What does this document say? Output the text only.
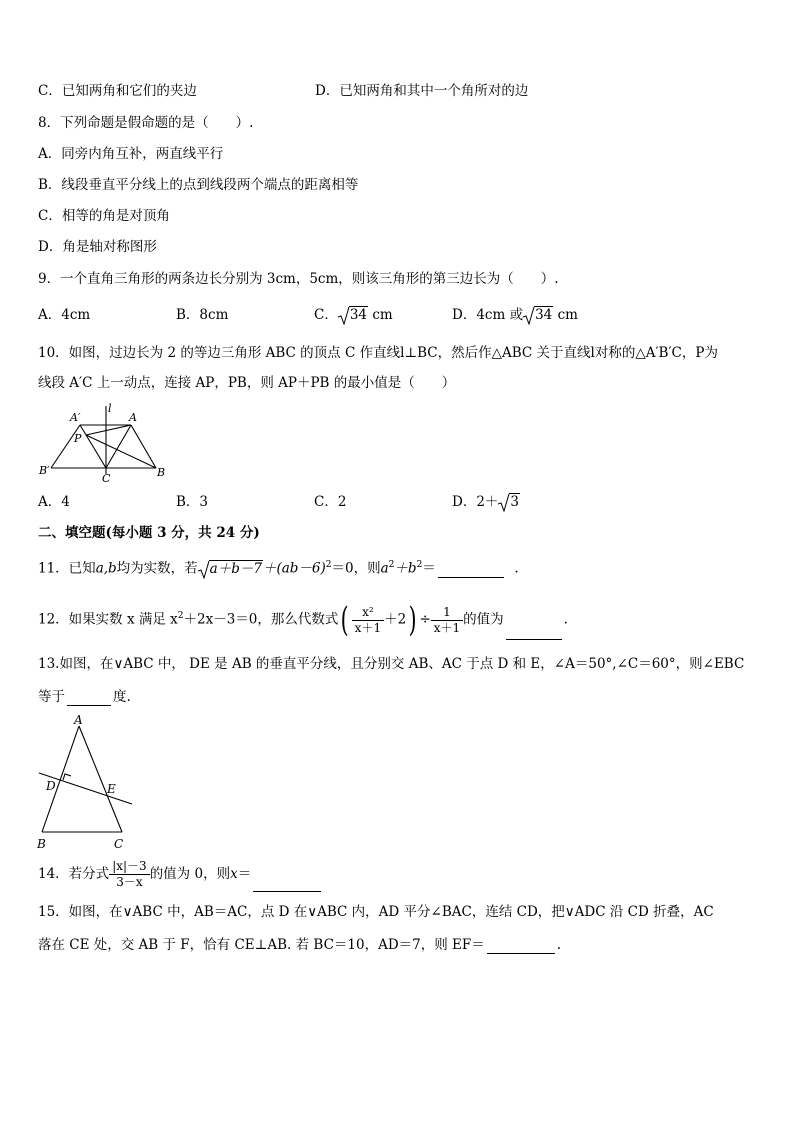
C．已知两角和它们的夹边	D．已知两角和其中一个角所对的边
8．下列命题是假命题的是（　　）.
A．同旁内角互补，两直线平行
B．线段垂直平分线上的点到线段两个端点的距离相等
C．相等的角是对顶角
D．角是轴对称图形
9．一个直角三角形的两条边长分别为 3cm，5cm，则该三角形的第三边长为（　　）.
A．4cm	B．8cm	C． 34 cm	D．4cm 或 34 cm
10．如图，过边长为 2 的等边三角形 ABC 的顶点 C 作直线l⊥BC，然后作△ABC 关于直线l对称的△A′B′C，P为
线段 A′C 上一动点，连接 AP，PB，则 AP＋PB 的最小值是（　　）
A′
l
A
P
B′
C	B
A．4	B．3	C．2	D．2＋ 3
二、填空题(每小题 3 分，共 24 分)
11．已知a,b均为实数，若 $a+b-7+(ab-6)^2=0$，则$a^2+b^2=$	.
12．如果实数 x 满足 $x^2+2x-3=0$，那么代数式( $\frac{\text{x²}}{x+1} +2) \div \frac{1}{x+1}$ 的值为	.
13.如图，在∨ABC 中， DE 是 AB 的垂直平分线，且分别交 AB、AC 于点 D 和 E，∠A＝50°,∠C＝60°，则∠EBC
等于	度.
A
D	E
B	C
14．若分式 $\frac{|x|-3}{3-x}$ 的值为 0，则x＝
15．如图，在∨ABC 中，AB＝AC，点 D 在∨ABC 内，AD 平分∠BAC，连结 CD，把∨ADC 沿 CD 折叠，AC
落在 CE 处，交 AB 于 F，恰有 CE⊥AB. 若 BC＝10，AD＝7，则 EF＝	.
